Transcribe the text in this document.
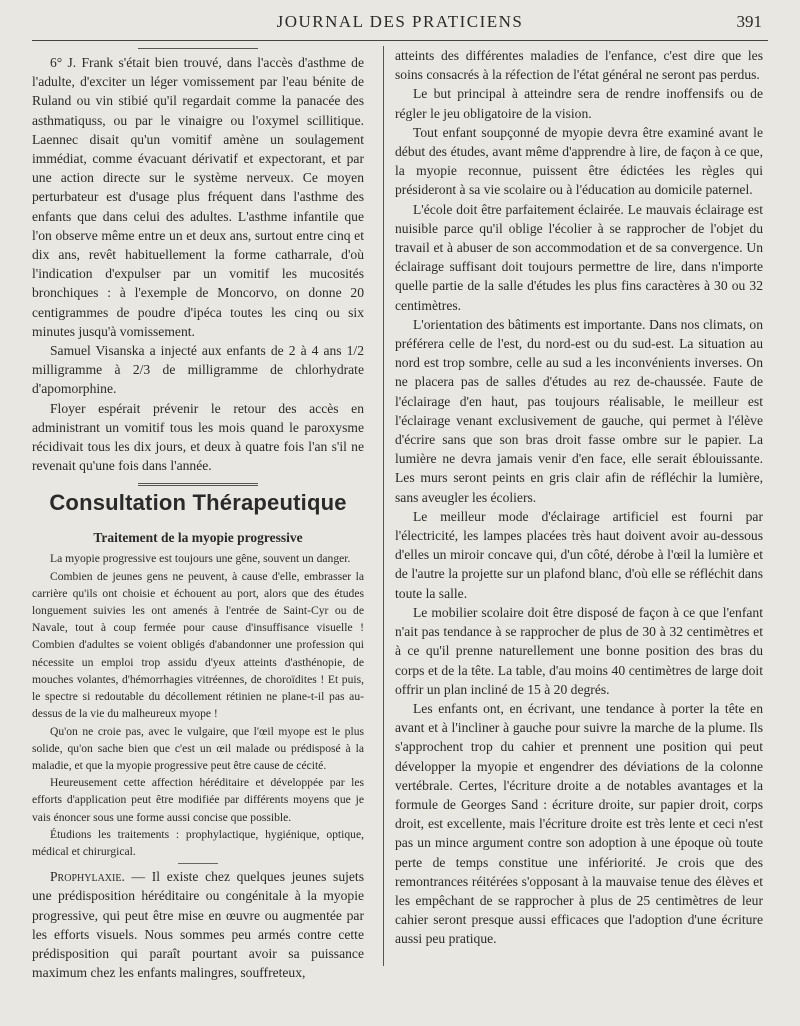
JOURNAL DES PRATICIENS	391

6° J. Frank s'était bien trouvé, dans l'accès d'asthme de l'adulte, d'exciter un léger vomissement par l'eau bénite de Ruland ou vin stibié qu'il regardait comme la panacée des asthmatiquss, ou par le vinaigre ou l'oxymel scillitique. Laennec disait qu'un vomitif amène un soulagement immédiat, comme évacuant dérivatif et expectorant, et par une action directe sur le système nerveux. Ce moyen perturbateur est d'usage plus fréquent dans l'asthme des enfants que dans celui des adultes. L'asthme infantile que l'on observe même entre un et deux ans, surtout entre cinq et dix ans, revêt habituellement la forme catharrale, d'où l'indication d'expulser par un vomitif les mucosités bronchiques : à l'exemple de Moncorvo, on donne 20 centigrammes de poudre d'ipéca toutes les cinq ou six minutes jusqu'à vomissement.

Samuel Visanska a injecté aux enfants de 2 à 4 ans 1/2 milligramme à 2/3 de milligramme de chlorhydrate d'apomorphine.

Floyer espérait prévenir le retour des accès en administrant un vomitif tous les mois quand le paroxysme récidivait tous les dix jours, et deux à quatre fois l'an s'il ne revenait qu'une fois dans l'année.

Consultation Thérapeutique
Traitement de la myopie progressive

La myopie progressive est toujours une gêne, souvent un danger.

Combien de jeunes gens ne peuvent, à cause d'elle, embrasser la carrière qu'ils ont choisie et échouent au port, alors que des études longuement suivies les ont amenés à l'entrée de Saint-Cyr ou de Navale, tout à coup fermée pour cause d'insuffisance visuelle ! Combien d'adultes se voient obligés d'abandonner une profession qui nécessite un emploi trop assidu d'yeux atteints d'asthénopie, de mouches volantes, d'hémorrhagies vitréennes, de choroïdites ! Et puis, le spectre si redoutable du décollement rétinien ne plane-t-il pas au-dessus de la vie du malheureux myope !

Qu'on ne croie pas, avec le vulgaire, que l'œil myope est le plus solide, qu'on sache bien que c'est un œil malade ou prédisposé à la maladie, et que la myopie progressive peut être cause de cécité.

Heureusement cette affection héréditaire et développée par les efforts d'application peut être modifiée par différents moyens que je vais énoncer sous une forme aussi concise que possible.

Étudions les traitements : prophylactique, hygiénique, optique, médical et chirurgical.

Prophylaxie. — Il existe chez quelques jeunes sujets une prédisposition héréditaire ou congénitale à la myopie progressive, qui peut être mise en œuvre ou augmentée par les efforts visuels. Nous sommes peu armés contre cette prédisposition qui paraît pourtant avoir sa puissance maximum chez les enfants malingres, souffreteux,

atteints des différentes maladies de l'enfance, c'est dire que les soins consacrés à la réfection de l'état général ne seront pas perdus.

Le but principal à atteindre sera de rendre inoffensifs ou de régler le jeu obligatoire de la vision.

Tout enfant soupçonné de myopie devra être examiné avant le début des études, avant même d'apprendre à lire, de façon à ce que, la myopie reconnue, puissent être édictées les règles qui présideront à sa vie scolaire ou à l'éducation au domicile paternel.

L'école doit être parfaitement éclairée. Le mauvais éclairage est nuisible parce qu'il oblige l'écolier à se rapprocher de l'objet du travail et à abuser de son accommodation et de sa convergence. Un éclairage suffisant doit toujours permettre de lire, dans n'importe quelle partie de la salle d'études les plus fins caractères à 30 ou 32 centimètres.

L'orientation des bâtiments est importante. Dans nos climats, on préférera celle de l'est, du nord-est ou du sud-est. La situation au nord est trop sombre, celle au sud a les inconvénients inverses. On ne placera pas de salles d'études au rez de-chaussée. Faute de l'éclairage d'en haut, pas toujours réalisable, le meilleur est l'éclairage venant exclusivement de gauche, qui permet à l'élève d'écrire sans que son bras droit fasse ombre sur le papier. La lumière ne devra jamais venir d'en face, elle serait éblouissante. Les murs seront peints en gris clair afin de réfléchir la lumière, sans aveugler les écoliers.

Le meilleur mode d'éclairage artificiel est fourni par l'électricité, les lampes placées très haut doivent avoir au-dessous d'elles un miroir concave qui, d'un côté, dérobe à l'œil la lumière et de l'autre la projette sur un plafond blanc, d'où elle se réfléchit dans toute la salle.

Le mobilier scolaire doit être disposé de façon à ce que l'enfant n'ait pas tendance à se rapprocher de plus de 30 à 32 centimètres et à ce qu'il prenne naturellement une bonne position des bras du corps et de la tête. La table, d'au moins 40 centimètres de large doit offrir un plan incliné de 15 à 20 degrés.

Les enfants ont, en écrivant, une tendance à porter la tête en avant et à l'incliner à gauche pour suivre la marche de la plume. Ils s'approchent trop du cahier et prennent une position qui peut développer la myopie et engendrer des déviations de la colonne vertébrale. Certes, l'écriture droite a de notables avantages et la formule de Georges Sand : écriture droite, sur papier droit, corps droit, est excellente, mais l'écriture droite est très lente et ceci n'est pas un mince argument contre son adoption à une époque où toute perte de temps constitue une infériorité. Je crois que des remontrances réitérées s'opposant à la mauvaise tenue des élèves et les empêchant de se rapprocher à plus de 25 centimètres de leur cahier seront presque aussi efficaces que l'adoption d'une écriture aussi peu pratique.
